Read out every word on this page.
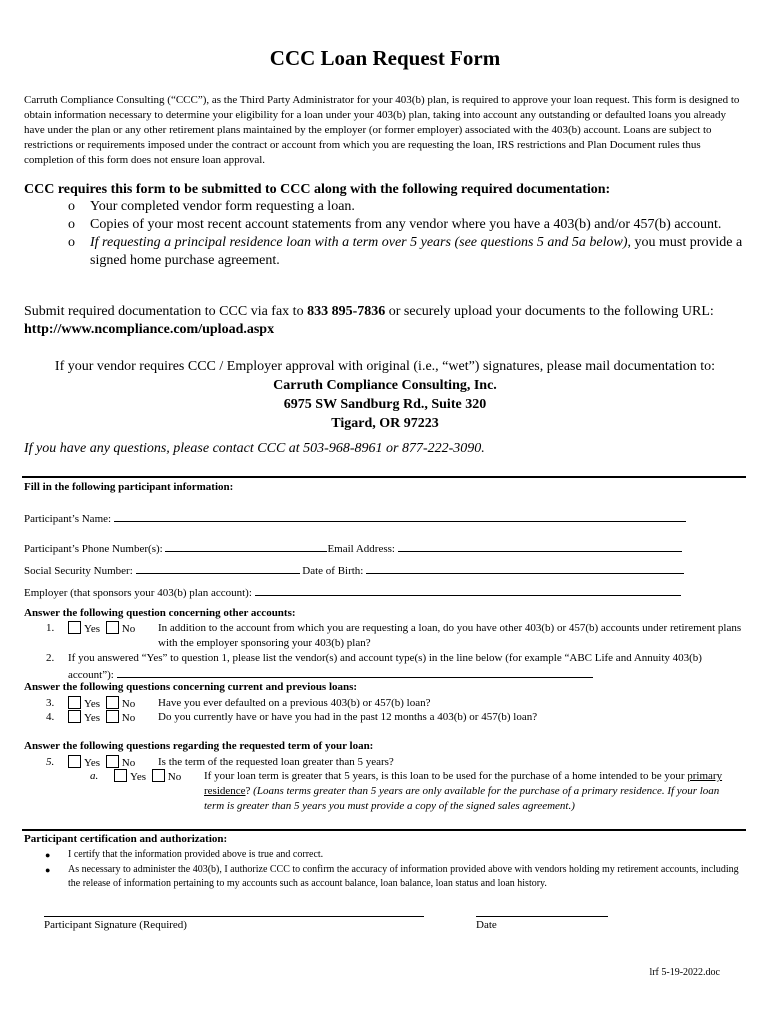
CCC Loan Request Form

Carruth Compliance Consulting (“CCC”), as the Third Party Administrator for your 403(b) plan, is required to approve your loan request. This form is designed to obtain information necessary to determine your eligibility for a loan under your 403(b) plan, taking into account any outstanding or defaulted loans you already have under the plan or any other retirement plans maintained by the employer (or former employer) associated with the 403(b) account. Loans are subject to restrictions or requirements imposed under the contract or account from which you are requesting the loan, IRS restrictions and Plan Document rules thus completion of this form does not ensure loan approval.

CCC requires this form to be submitted to CCC along with the following required documentation:

o Your completed vendor form requesting a loan.
o Copies of your most recent account statements from any vendor where you have a 403(b) and/or 457(b) account.
o If requesting a principal residence loan with a term over 5 years (see questions 5 and 5a below), you must provide a signed home purchase agreement.

Submit required documentation to CCC via fax to 833 895-7836 or securely upload your documents to the following URL: http://www.ncompliance.com/upload.aspx

If your vendor requires CCC / Employer approval with original (i.e., “wet”) signatures, please mail documentation to:
Carruth Compliance Consulting, Inc.
6975 SW Sandburg Rd., Suite 320
Tigard, OR 97223

If you have any questions, please contact CCC at 503-968-8961 or 877-222-3090.

Fill in the following participant information:

Participant’s Name:
Participant’s Phone Number(s):	Email Address:
Social Security Number:	Date of Birth:
Employer (that sponsors your 403(b) plan account):

Answer the following question concerning other accounts:

1.	Yes No In addition to the account from which you are requesting a loan, do you have other 403(b) or 457(b) accounts under retirement plans with the employer sponsoring your 403(b) plan?
2. If you answered “Yes” to question 1, please list the vendor(s) and account type(s) in the line below (for example “ABC Life and Annuity 403(b) account”):

Answer the following questions concerning current and previous loans:

3.	Yes No Have you ever defaulted on a previous 403(b) or 457(b) loan?
4.	Yes No Do you currently have or have you had in the past 12 months a 403(b) or 457(b) loan?

Answer the following questions regarding the requested term of your loan:

5.	Yes No Is the term of the requested loan greater than 5 years?
a.	Yes No If your loan term is greater that 5 years, is this loan to be used for the purchase of a home intended to be your primary residence? (Loans terms greater than 5 years are only available for the purchase of a primary residence. If your loan term is greater than 5 years you must provide a copy of the signed sales agreement.)

Participant certification and authorization:

● I certify that the information provided above is true and correct.
● As necessary to administer the 403(b), I authorize CCC to confirm the accuracy of information provided above with vendors holding my retirement accounts, including the release of information pertaining to my accounts such as account balance, loan balance, loan status and loan history.
Participant Signature (Required)	Date
lrf 5-19-2022.doc
